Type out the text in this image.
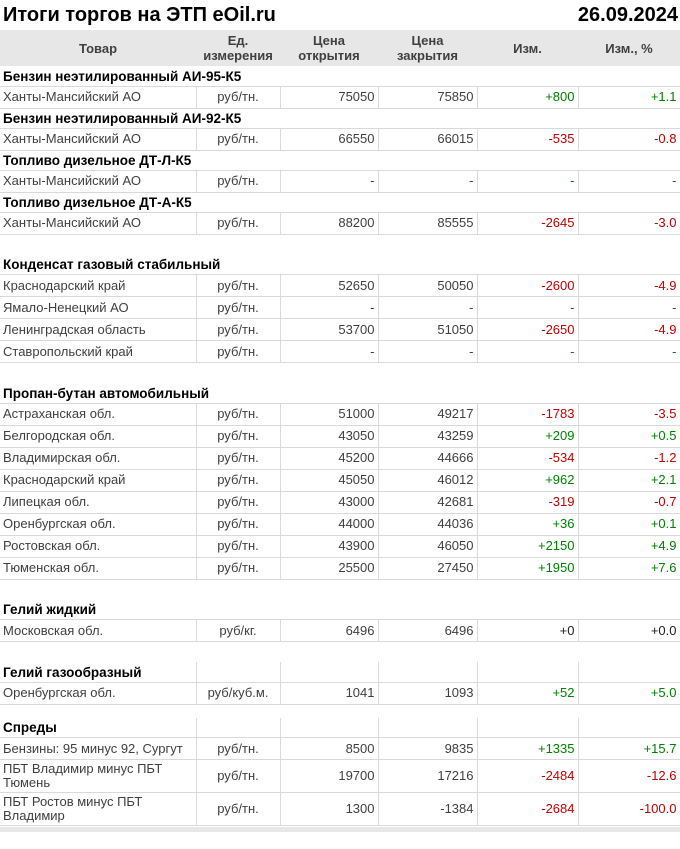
Итоги торгов на ЭТП eOil.ru	26.09.2024
Товар	Ед. измерения	Цена открытия	Цена закрытия	Изм.	Изм., %
Бензин неэтилированный АИ-95-К5					
Ханты-Мансийский АО	руб/тн.	75050	75850	+800	+1.1
Бензин неэтилированный АИ-92-К5					
Ханты-Мансийский АО	руб/тн.	66550	66015	-535	-0.8
Топливо дизельное ДТ-Л-К5					
Ханты-Мансийский АО	руб/тн.	-	-	-	-
Топливо дизельное ДТ-А-К5					
Ханты-Мансийский АО	руб/тн.	88200	85555	-2645	-3.0

Конденсат газовый стабильный					
Краснодарский край	руб/тн.	52650	50050	-2600	-4.9
Ямало-Ненецкий АО	руб/тн.	-	-	-	-
Ленинградская область	руб/тн.	53700	51050	-2650	-4.9
Ставропольский край	руб/тн.	-	-	-	-

Пропан-бутан автомобильный					
Астраханская обл.	руб/тн.	51000	49217	-1783	-3.5
Белгородская обл.	руб/тн.	43050	43259	+209	+0.5
Владимирская обл.	руб/тн.	45200	44666	-534	-1.2
Краснодарский край	руб/тн.	45050	46012	+962	+2.1
Липецкая обл.	руб/тн.	43000	42681	-319	-0.7
Оренбургская обл.	руб/тн.	44000	44036	+36	+0.1
Ростовская обл.	руб/тн.	43900	46050	+2150	+4.9
Тюменская обл.	руб/тн.	25500	27450	+1950	+7.6

Гелий жидкий					
Московская обл.	руб/кг.	6496	6496	+0	+0.0

Гелий газообразный					
Оренбургская обл.	руб/куб.м.	1041	1093	+52	+5.0

Спреды					
Бензины: 95 минус 92, Сургут	руб/тн.	8500	9835	+1335	+15.7
ПБТ Владимир минус ПБТ Тюмень	руб/тн.	19700	17216	-2484	-12.6
ПБТ Ростов минус ПБТ Владимир	руб/тн.	1300	-1384	-2684	-100.0
